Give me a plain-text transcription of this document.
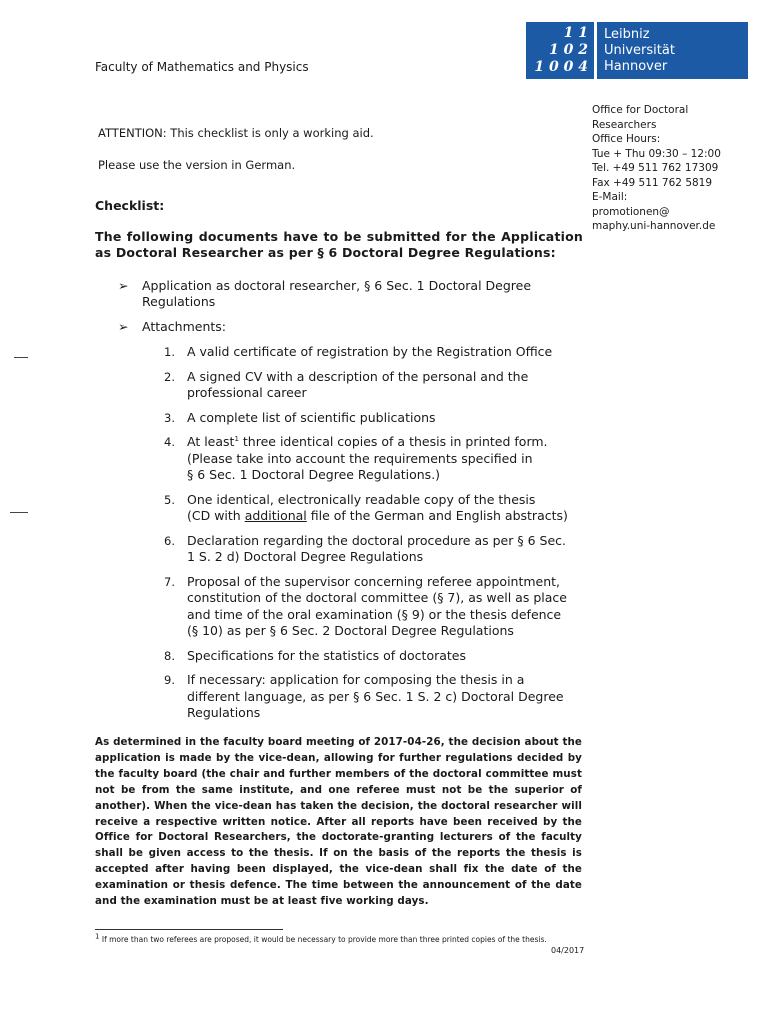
Faculty of Mathematics and Physics
1 1
1 0 2
1 0 0 4
Leibniz
Universität
Hannover
Office for Doctoral
Researchers
Office Hours:
Tue + Thu 09:30 – 12:00
Tel. +49 511 762 17309
Fax +49 511 762 5819
E-Mail:
promotionen@
maphy.uni-hannover.de
ATTENTION: This checklist is only a working aid.
Please use the version in German.
Checklist:
The following documents have to be submitted for the Application as Doctoral Researcher as per § 6 Doctoral Degree Regulations:
➢ Application as doctoral researcher, § 6 Sec. 1 Doctoral Degree Regulations
➢ Attachments:
1. A valid certificate of registration by the Registration Office
2. A signed CV with a description of the personal and the
professional career
3. A complete list of scientific publications
4. At least$^1$ three identical copies of a thesis in printed form.
(Please take into account the requirements specified in
§ 6 Sec. 1 Doctoral Degree Regulations.)
5. One identical, electronically readable copy of the thesis
(CD with additional file of the German and English abstracts)
6. Declaration regarding the doctoral procedure as per § 6 Sec.
1 S. 2 d) Doctoral Degree Regulations
7. Proposal of the supervisor concerning referee appointment,
constitution of the doctoral committee (§ 7), as well as place
and time of the oral examination (§ 9) or the thesis defence
(§ 10) as per § 6 Sec. 2 Doctoral Degree Regulations
8. Specifications for the statistics of doctorates
9. If necessary: application for composing the thesis in a
different language, as per § 6 Sec. 1 S. 2 c) Doctoral Degree
Regulations
As determined in the faculty board meeting of 2017-04-26, the decision about the application is made by the vice-dean, allowing for further regulations decided by the faculty board (the chair and further members of the doctoral committee must not be from the same institute, and one referee must not be the superior of another). When the vice-dean has taken the decision, the doctoral researcher will receive a respective written notice. After all reports have been received by the Office for Doctoral Researchers, the doctorate-granting lecturers of the faculty shall be given access to the thesis. If on the basis of the reports the thesis is accepted after having been displayed, the vice-dean shall fix the date of the examination or thesis defence. The time between the announcement of the date and the examination must be at least five working days.
$^1$ If more than two referees are proposed, it would be necessary to provide more than three printed copies of the thesis.
04/2017
